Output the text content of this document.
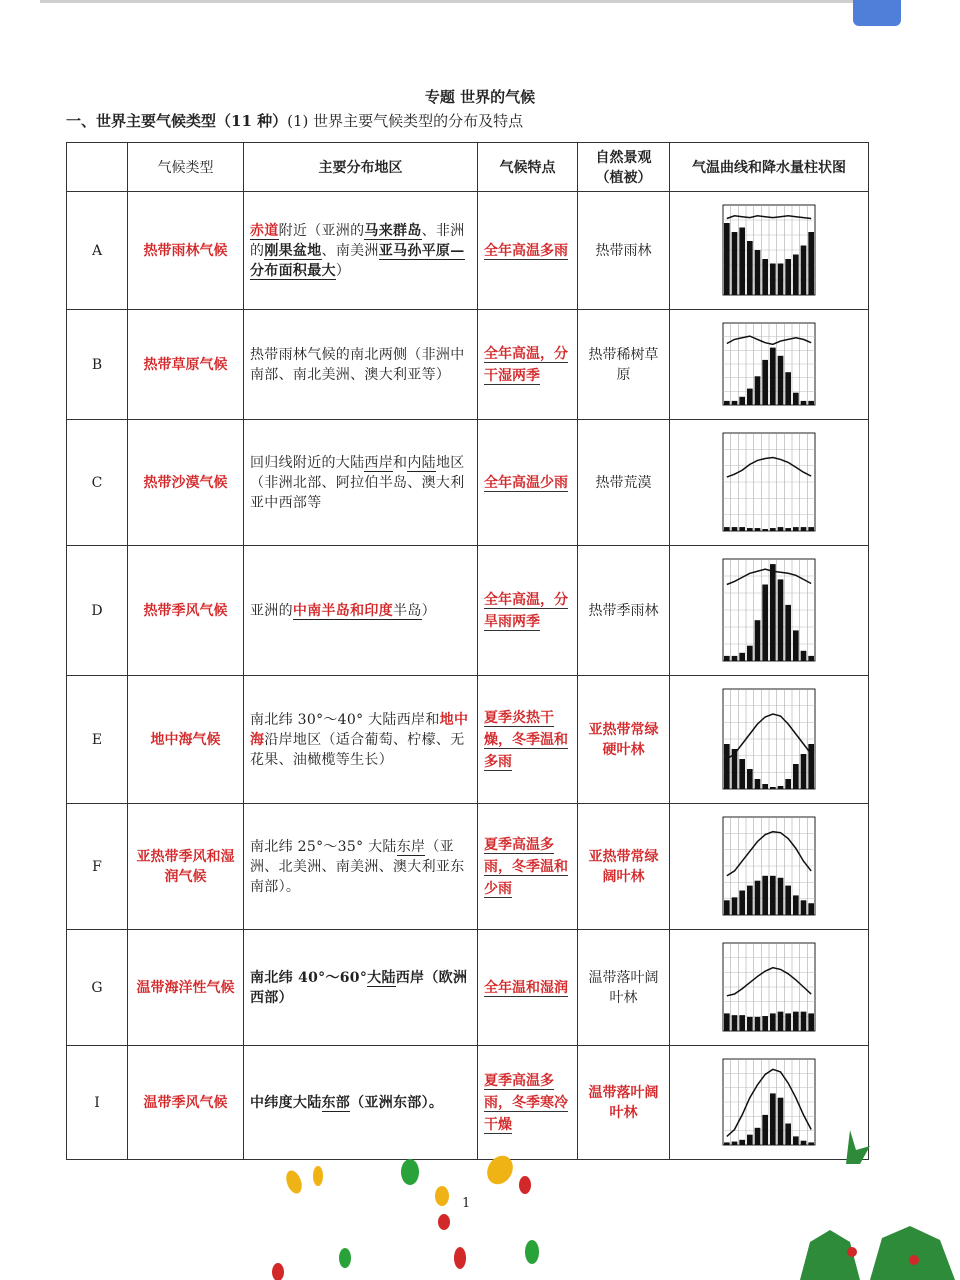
专题 世界的气候
一、世界主要气候类型（11 种）(1) 世界主要气候类型的分布及特点
	气候类型	主要分布地区	气候特点	自然景观（植被）	气温曲线和降水量柱状图
A	热带雨林气候	赤道附近（亚洲的马来群岛、非洲的刚果盆地、南美洲亚马孙平原—分布面积最大）	全年高温多雨	热带雨林	

B	热带草原气候	热带雨林气候的南北两侧（非洲中南部、南北美洲、澳大利亚等）	全年高温，分干湿两季	热带稀树草原	

C	热带沙漠气候	回归线附近的大陆西岸和内陆地区（非洲北部、阿拉伯半岛、澳大利亚中西部等	全年高温少雨	热带荒漠	

D	热带季风气候	亚洲的中南半岛和印度半岛）	全年高温，分旱雨两季	热带季雨林	

E	地中海气候	南北纬 30°～40° 大陆西岸和地中海沿岸地区（适合葡萄、柠檬、无花果、油橄榄等生长）	夏季炎热干燥，冬季温和多雨	亚热带常绿硬叶林	

F	亚热带季风和湿润气候	南北纬 25°～35° 大陆东岸（亚洲、北美洲、南美洲、澳大利亚东南部）。	夏季高温多雨，冬季温和少雨	亚热带常绿阔叶林	

G	温带海洋性气候	南北纬 40°～60°大陆西岸（欧洲西部）	全年温和湿润	温带落叶阔叶林	

I	温带季风气候	中纬度大陆东部（亚洲东部）。	夏季高温多雨，冬季寒冷干燥	温带落叶阔叶林	
1
